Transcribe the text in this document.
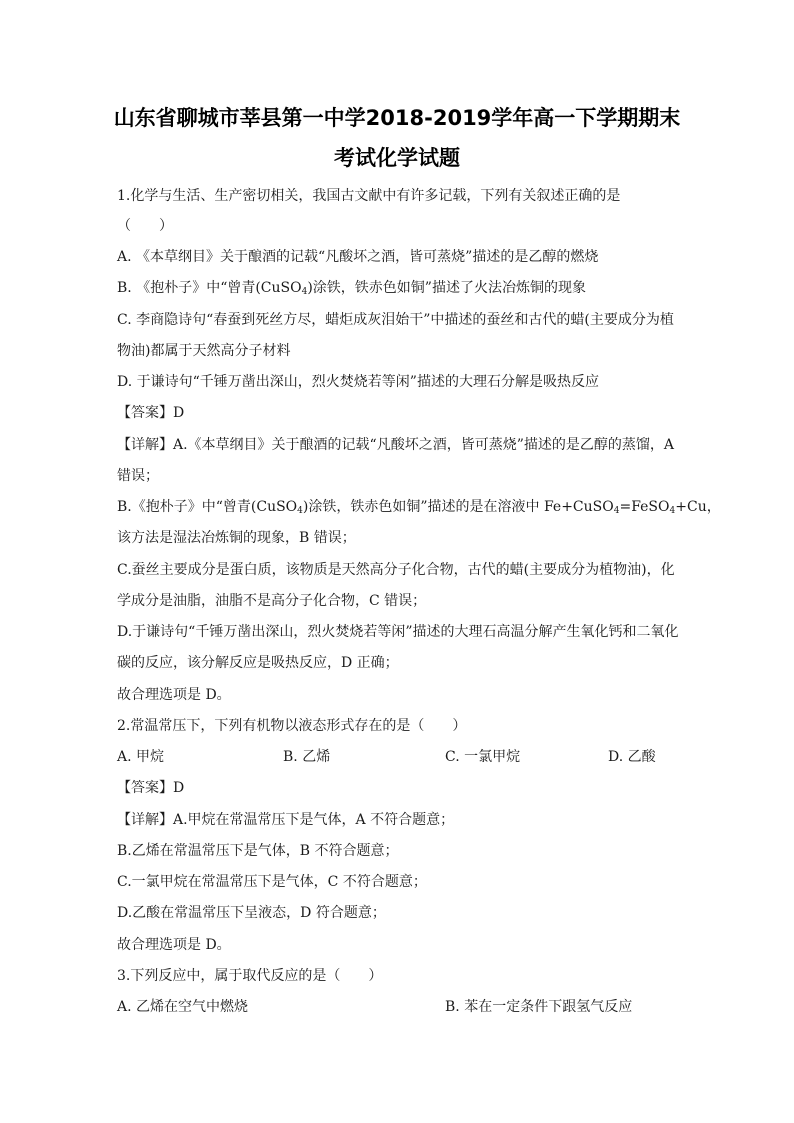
山东省聊城市莘县第一中学2018-2019学年高一下学期期末
考试化学试题
1.化学与生活、生产密切相关，我国古文献中有许多记载，下列有关叙述正确的是
（　　）
A. 《本草纲目》关于酿酒的记载“凡酸坏之酒，皆可蒸烧”描述的是乙醇的燃烧
B. 《抱朴子》中“曾青(CuSO$_4$)涂铁，铁赤色如铜”描述了火法冶炼铜的现象
C. 李商隐诗句“春蚕到死丝方尽，蜡炬成灰泪始干”中描述的蚕丝和古代的蜡(主要成分为植
物油)都属于天然高分子材料
D. 于谦诗句“千锤万凿出深山，烈火焚烧若等闲”描述的大理石分解是吸热反应
【答案】D
【详解】A.《本草纲目》关于酿酒的记载“凡酸坏之酒，皆可蒸烧”描述的是乙醇的蒸馏，A
错误；
B.《抱朴子》中“曾青(CuSO$_4$)涂铁，铁赤色如铜”描述的是在溶液中 Fe+CuSO$_4$=FeSO$_4$+Cu，
该方法是湿法冶炼铜的现象，B 错误；
C.蚕丝主要成分是蛋白质，该物质是天然高分子化合物，古代的蜡(主要成分为植物油)，化
学成分是油脂，油脂不是高分子化合物，C 错误；
D.于谦诗句“千锤万凿出深山，烈火焚烧若等闲”描述的大理石高温分解产生氧化钙和二氧化
碳的反应，该分解反应是吸热反应，D 正确；
故合理选项是 D。
2.常温常压下，下列有机物以液态形式存在的是（　　）
A. 甲烷	B. 乙烯	C. 一氯甲烷	D. 乙酸
【答案】D
【详解】A.甲烷在常温常压下是气体，A 不符合题意；
B.乙烯在常温常压下是气体，B 不符合题意；
C.一氯甲烷在常温常压下是气体，C 不符合题意；
D.乙酸在常温常压下呈液态，D 符合题意；
故合理选项是 D。
3.下列反应中，属于取代反应的是（　　）
A. 乙烯在空气中燃烧	B. 苯在一定条件下跟氢气反应
